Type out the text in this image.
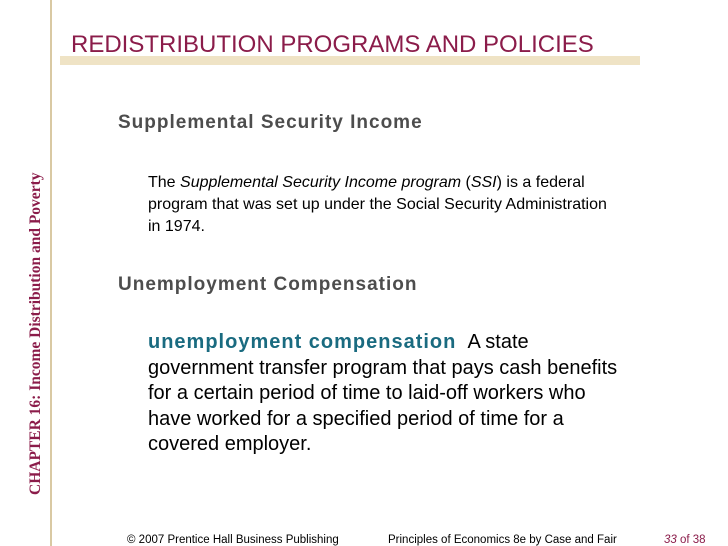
CHAPTER 16: Income Distribution and Poverty
REDISTRIBUTION PROGRAMS AND POLICIES
Supplemental Security Income
The Supplemental Security Income program (SSI) is a federal program that was set up under the Social Security Administration in 1974.
Unemployment Compensation
unemployment compensation A state government transfer program that pays cash benefits for a certain period of time to laid-off workers who have worked for a specified period of time for a covered employer.
© 2007 Prentice Hall Business Publishing	Principles of Economics 8e by Case and Fair	33 of 38
